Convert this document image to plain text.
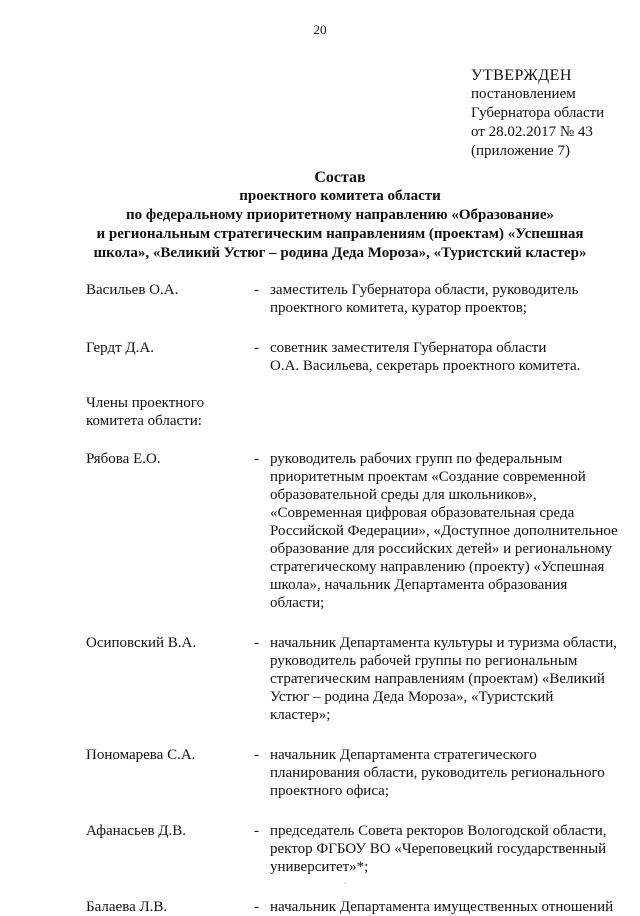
20
УТВЕРЖДЕН
постановлением
Губернатора области
от 28.02.2017 № 43
(приложение 7)
Состав
проектного комитета области
по федеральному приоритетному направлению «Образование»
и региональным стратегическим направлениям (проектам) «Успешная
школа», «Великий Устюг – родина Деда Мороза», «Туристский кластер»
Васильев О.А.	- заместитель Губернатора области, руководитель
проектного комитета, куратор проектов;
Гердт Д.А.	- советник заместителя Губернатора области
О.А. Васильева, секретарь проектного комитета.
Члены проектного
комитета области:
Рябова Е.О.	- руководитель рабочих групп по федеральным
приоритетным проектам «Создание современной
образовательной среды для школьников»,
«Современная цифровая образовательная среда
Российской Федерации», «Доступное дополнительное
образование для российских детей» и региональному
стратегическому направлению (проекту) «Успешная
школа», начальник Департамента образования
области;
Осиповский В.А.	- начальник Департамента культуры и туризма области,
руководитель рабочей группы по региональным
стратегическим направлениям (проектам) «Великий
Устюг – родина Деда Мороза», «Туристский
кластер»;
Пономарева С.А.	- начальник Департамента стратегического
планирования области, руководитель регионального
проектного офиса;
Афанасьев Д.В.	- председатель Совета ректоров Вологодской области,
ректор ФГБОУ ВО «Череповецкий государственный
университет»*;
Балаева Л.В.	- начальник Департамента имущественных отношений
.
